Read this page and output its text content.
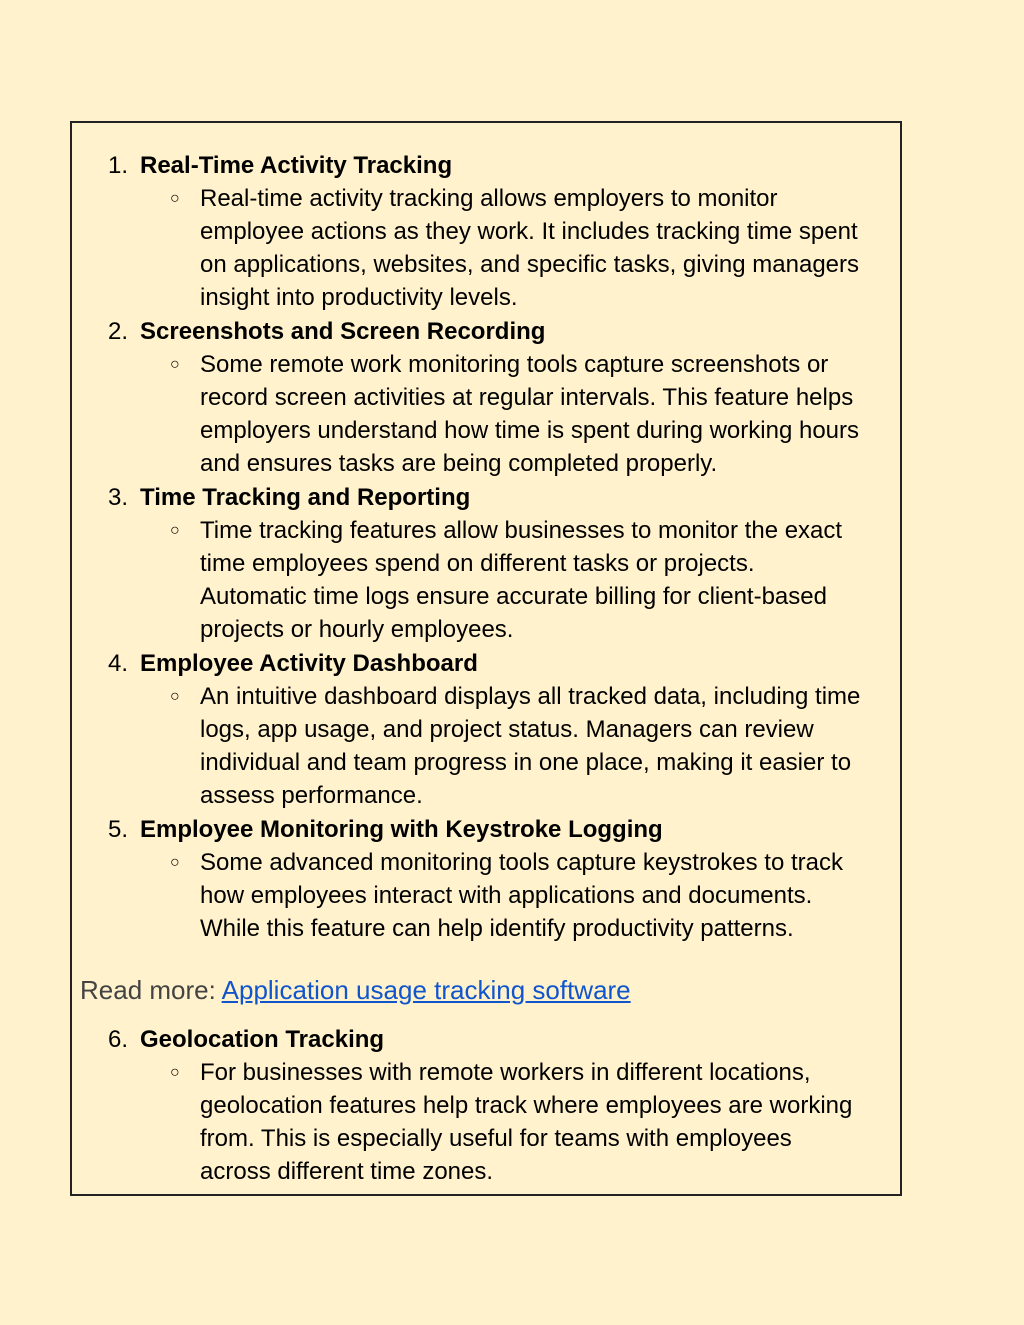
1. Real-Time Activity Tracking
○ Real-time activity tracking allows employers to monitor
employee actions as they work. It includes tracking time spent
on applications, websites, and specific tasks, giving managers
insight into productivity levels.
2. Screenshots and Screen Recording
○ Some remote work monitoring tools capture screenshots or
record screen activities at regular intervals. This feature helps
employers understand how time is spent during working hours
and ensures tasks are being completed properly.
3. Time Tracking and Reporting
○ Time tracking features allow businesses to monitor the exact
time employees spend on different tasks or projects.
Automatic time logs ensure accurate billing for client-based
projects or hourly employees.
4. Employee Activity Dashboard
○ An intuitive dashboard displays all tracked data, including time
logs, app usage, and project status. Managers can review
individual and team progress in one place, making it easier to
assess performance.
5. Employee Monitoring with Keystroke Logging
○ Some advanced monitoring tools capture keystrokes to track
how employees interact with applications and documents.
While this feature can help identify productivity patterns.
Read more: Application usage tracking software
6. Geolocation Tracking
○ For businesses with remote workers in different locations,
geolocation features help track where employees are working
from. This is especially useful for teams with employees
across different time zones.
